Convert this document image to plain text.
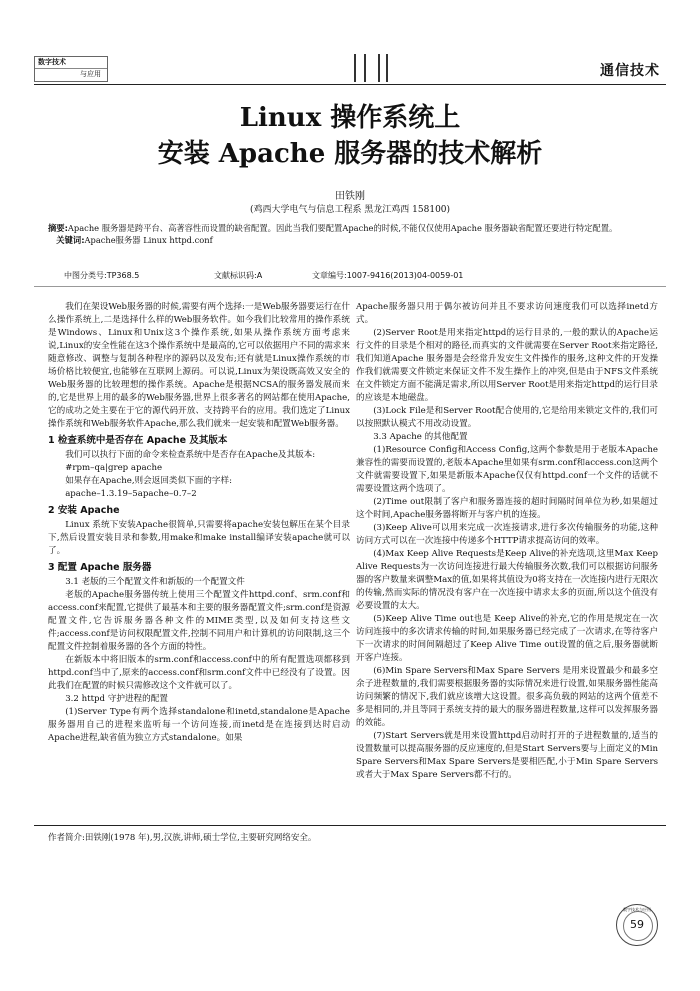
数字技术
与应用	通信技术
Linux 操作系统上
安装 Apache 服务器的技术解析
田铁刚
(鸡西大学电气与信息工程系 黑龙江鸡西 158100)
摘要:Apache 服务器是跨平台、高著容性而设置的缺省配置。因此当我们要配置Apache的时候,不能仅仅使用Apache 服务器缺省配置还要进行特定配置。
关键词:Apache服务器 Linux httpd.conf
中图分类号:TP368.5	文献标识码:A	文章编号:1007-9416(2013)04-0059-01

我们在架设Web服务器的时候,需要有两个选择:一是Web服务器要运行在什么操作系统上,二是选择什么样的Web服务软件。如今我们比较常用的操作系统是Windows、Linux和Unix这3个操作系统,如果从操作系统方面考虑来说,Linux的安全性能在这3个操作系统中是最高的,它可以依据用户不同的需求来随意修改、调整与复制各种程序的源码以及发布;还有就是Linux操作系统的市场价格比较便宜,也能够在互联网上源码。可以说,Linux为架设既高效又安全的Web服务器的比较理想的操作系统。Apache是根据NCSA的服务器发展而来的,它是世界上用的最多的Web服务器,世界上很多著名的网站都在使用Apache,它的成功之处主要在于它的源代码开放、支持跨平台的应用。我们选定了Linux操作系统和Web服务软件Apache,那么我们就来一起安装和配置Web服务器。

1 检查系统中是否存在 Apache 及其版本

我们可以执行下面的命令来检查系统中是否存在Apache及其版本:

#rpm–qa|grep apache

如果存在Apache,则会返回类似下面的字样:

apache–1.3.19–5apache–0.7–2
2 安装 Apache

Linux 系统下安装Apache很简单,只需要将apache安装包解压在某个目录下,然后设置安装目录和参数,用make和make install编译安装apache就可以了。

3 配置 Apache 服务器
3.1 老版的三个配置文件和新版的一个配置文件

老版的Apache服务器传统上使用三个配置文件httpd.conf、srm.conf和access.conf来配置,它提供了最基本和主要的服务器配置文件;srm.conf是资源配置文件,它告诉服务器各种文件的MIME类型,以及如何支持这些文件;access.conf是访问权限配置文件,控制不同用户和计算机的访问限制,这三个配置文件控制着服务器的各个方面的特性。

在新版本中将旧版本的srm.conf和access.conf中的所有配置选项都移到httpd.conf当中了,原来的access.conf和srm.conf文件中已经没有了设置。因此我们在配置的时候只需修改这个文件就可以了。

3.2 httpd 守护进程的配置

(1)Server Type有两个选择standalone和inetd,standalone是Apache服务器用自己的进程来监听每一个访问连接,而inetd是在连接到达时启动Apache进程,缺省值为独立方式standalone。如果

Apache服务器只用于偶尔被访问并且不要求访问速度我们可以选择inetd方式。

(2)Server Root是用来指定httpd的运行目录的,一般的默认的Apache运行文件的目录是个相对的路径,而真实的文件就需要在Server Root来指定路径,我们知道Apache 服务器是会经常升发安生文件操作的服务,这种文件的开发操作我们就需要文件锁定来保证文件不发生操作上的冲突,但是由于NFS文件系统在文件锁定方面不能满足需求,所以用Server Root是用来指定httpd的运行目录的应该是本地磁盘。

(3)Lock File是和Server Root配合使用的,它是给用来锁定文件的,我们可以按照默认模式不用改动设置。

3.3 Apache 的其他配置

(1)Resource Config和Access Config,这两个参数是用于老版本Apache兼容性的需要而设置的,老版本Apache里如果有srm.conf和access.con这两个文件就需要设置下,如果是新版本Apache仅仅有httpd.conf一个文件的话就不需要设置这两个选项了。

(2)Time out限制了客户和服务器连接的超时间隔时间单位为秒,如果超过这个时间,Apache服务器将断开与客户机的连接。

(3)Keep Alive可以用来完成一次连接请求,进行多次传输服务的功能,这种访问方式可以在一次连接中传递多个HTTP请求提高访问的效率。

(4)Max Keep Alive Requests是Keep Alive的补充选项,这里Max Keep Alive Requests为一次访问连接进行最大传输服务次数,我们可以根据访问服务器的客户数量来调整Max的值,如果将其值设为0将支持在一次连接内进行无限次的传输,然而实际的情况没有客户在一次连接中请求太多的页面,所以这个值没有必要设置的太大。

(5)Keep Alive Time out也是 Keep Alive的补充,它的作用是规定在一次访问连接中的多次请求传输的时间,如果服务器已经完成了一次请求,在等待客户下一次请求的时间间隔超过了Keep Alive Time out设置的值之后,服务器就断开客户连接。

(6)Min Spare Servers和Max Spare Servers 是用来设置最少和最多空余子进程数量的,我们需要根据服务器的实际情况来进行设置,如果服务器性能高访问频繁的情况下,我们就应该增大这设置。很多高负载的网站的这两个值差不多是相同的,并且等同于系统支持的最大的服务器进程数量,这样可以发挥服务器的效能。

(7)Start Servers就是用来设置httpd启动时打开的子进程数量的,适当的设置数量可以提高服务器的反应速度的,但是Start Servers要与上面定义的Min Spare Servers和Max Spare Servers是要相匹配,小于Min Spare Servers或者大于Max Spare Servers都不行的。

作者简介:田铁刚(1978 年),男,汉族,讲师,硕士学位,主要研究网络安全。
数字技术与应用
59
